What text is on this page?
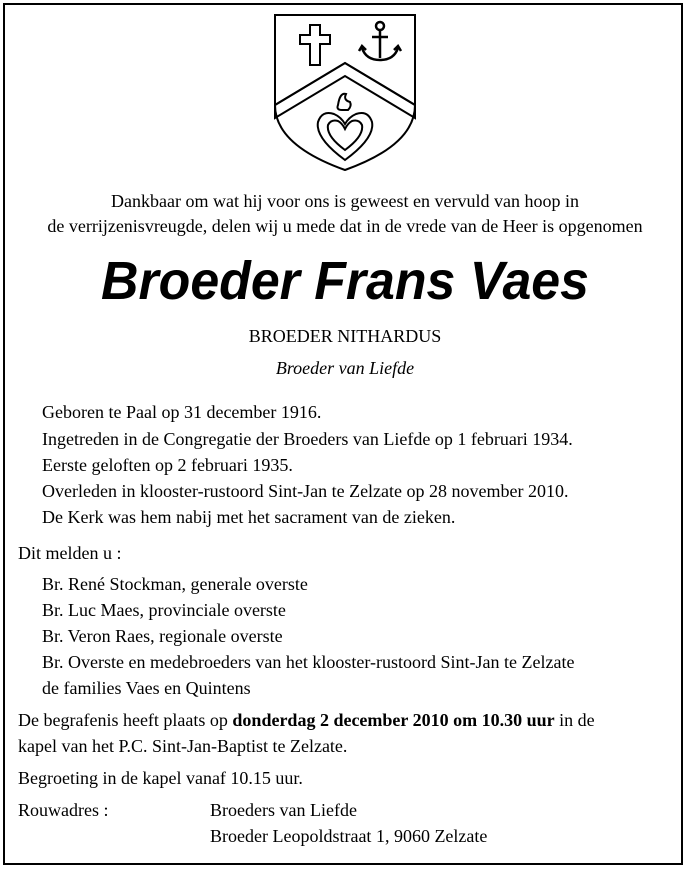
Dankbaar om wat hij voor ons is geweest en vervuld van hoop in
de verrijzenisvreugde, delen wij u mede dat in de vrede van de Heer is opgenomen
Broeder Frans Vaes
BROEDER NITHARDUS
Broeder van Liefde
Geboren te Paal op 31 december 1916.
Ingetreden in de Congregatie der Broeders van Liefde op 1 februari 1934.
Eerste geloften op 2 februari 1935.
Overleden in klooster-rustoord Sint-Jan te Zelzate op 28 november 2010.
De Kerk was hem nabij met het sacrament van de zieken.
Dit melden u :
Br. René Stockman, generale overste
Br. Luc Maes, provinciale overste
Br. Veron Raes, regionale overste
Br. Overste en medebroeders van het klooster-rustoord Sint-Jan te Zelzate
de families Vaes en Quintens
De begrafenis heeft plaats op donderdag 2 december 2010 om 10.30 uur in de
kapel van het P.C. Sint-Jan-Baptist te Zelzate.
Begroeting in de kapel vanaf 10.15 uur.
Rouwadres :	Broeders van Liefde
Broeder Leopoldstraat 1, 9060 Zelzate
